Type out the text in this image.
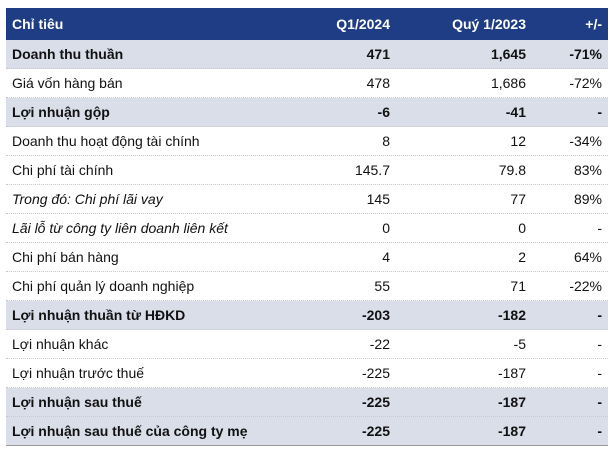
Chỉ tiêu	Q1/2024	Quý 1/2023	+/-
Doanh thu thuần	471	1,645	-71%
Giá vốn hàng bán	478	1,686	-72%
Lợi nhuận gộp	-6	-41	-
Doanh thu hoạt động tài chính	8	12	-34%
Chi phí tài chính	145.7	79.8	83%
Trong đó: Chi phí lãi vay	145	77	89%
Lãi lỗ từ công ty liên doanh liên kết	0	0	-
Chi phí bán hàng	4	2	64%
Chi phí quản lý doanh nghiệp	55	71	-22%
Lợi nhuận thuần từ HĐKD	-203	-182	-
Lợi nhuận khác	-22	-5	-
Lợi nhuận trước thuế	-225	-187	-
Lợi nhuận sau thuế	-225	-187	-
Lợi nhuận sau thuế của công ty mẹ	-225	-187	-
